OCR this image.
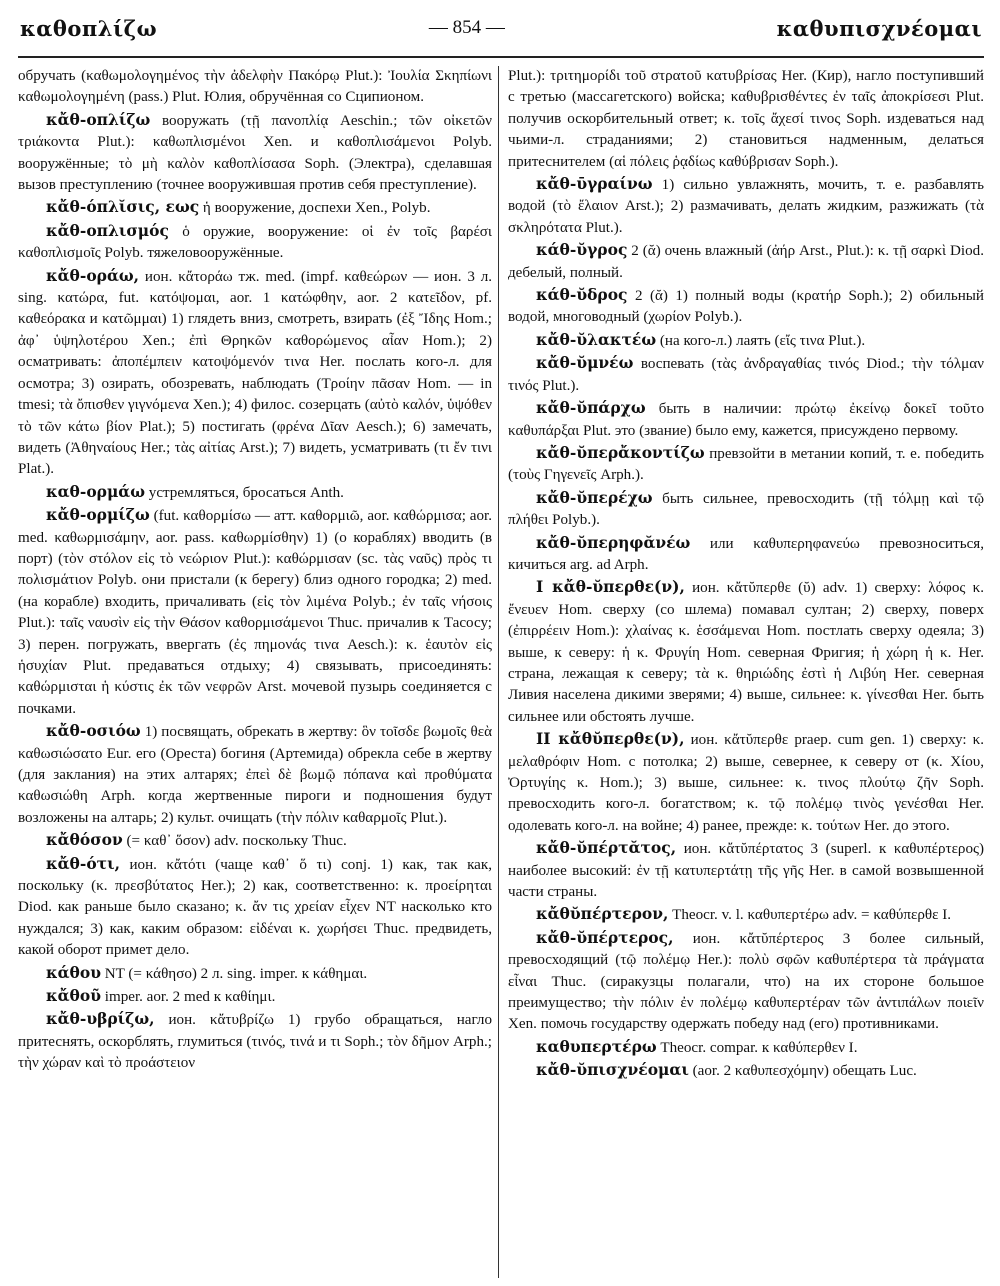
καθοπλίζω	— 854 —	καθυπισχνέομαι

обручать (καθωμολογημένος τὴν ἀδελφὴν Πακόρῳ Plut.): Ἰουλία Σκηπίωνι καθωμολογημένη (pass.) Plut. Юлия, обручённая со Сципионом.

κἄθ-οπλίζω вооружать (τῇ πανοπλίᾳ Aeschin.; τῶν οἰκετῶν τριάκοντα Plut.): καθωπλισμένοι Xen. и καθοπλισάμενοι Polyb. вооружённые; τὸ μὴ καλὸν καθοπλίσασα Soph. (Электра), сделавшая вызов преступлению (точнее вооружившая против себя преступление).

κἄθ-όπλῐσις, εως ἡ вооружение, доспехи Xen., Polyb.

κἄθ-οπλισμός ὁ оружие, вооружение: οἱ ἐν τοῖς βαρέσι καθοπλισμοῖς Polyb. тяжеловооружённые.

κἄθ-οράω, ион. κἄτοράω тж. med. (impf. καθεώρων — ион. 3 л. sing. κατώρα, fut. κατόψομαι, aor. 1 κατώφθην, aor. 2 κατεῖδον, pf. καθεόρακα и κατῶμμαι) 1) глядеть вниз, смотреть, взирать (ἐξ Ἴδης Hom.; ἀφ᾽ ὑψηλοτέρου Xen.; ἐπὶ Θρηκῶν καθορώμενος αἶαν Hom.); 2) осматривать: ἀποπέμπειν κατοψόμενόν τινα Her. послать кого-л. для осмотра; 3) озирать, обозревать, наблюдать (Τροίην πᾶσαν Hom. — in tmesi; τὰ ὄπισθεν γιγνόμενα Xen.); 4) филос. созерцать (αὐτὸ καλόν, ὑψόθεν τὸ τῶν κάτω βίον Plat.); 5) постигать (φρένα Δῖαν Aesch.); 6) замечать, видеть (Ἀθηναίους Her.; τὰς αἰτίας Arst.); 7) видеть, усматривать (τι ἔν τινι Plat.).

καθ-ορμάω устремляться, бросаться Anth.

κἄθ-ορμίζω (fut. καθορμίσω — атт. καθορμιῶ, aor. καθώρμισα; aor. med. καθωρμισάμην, aor. pass. καθωρμίσθην) 1) (о кораблях) вводить (в порт) (τὸν στόλον εἰς τὸ νεώριον Plut.): καθώρμισαν (sc. τὰς ναῦς) πρὸς τι πολισμάτιον Polyb. они пристали (к берегу) близ одного городка; 2) med. (на корабле) входить, причаливать (εἰς τὸν λιμένα Polyb.; ἐν ταῖς νήσοις Plut.): ταῖς ναυσὶν εἰς τὴν Θάσον καθορμισάμενοι Thuc. причалив к Тасосу; 3) перен. погружать, ввергать (ἐς πημονάς τινα Aesch.): κ. ἑαυτὸν εἰς ἡσυχίαν Plut. предаваться отдыху; 4) связывать, присоединять: καθώρμισται ἡ κύστις ἐκ τῶν νεφρῶν Arst. мочевой пузырь соединяется с почками.

κἄθ-οσιόω 1) посвящать, обрекать в жертву: ὃν τοῖσδε βωμοῖς θεὰ καθωσιώσατο Eur. его (Ореста) богиня (Артемида) обрекла себе в жертву (для заклания) на этих алтарях; ἐπεὶ δὲ βωμῷ πόπανα καὶ προθύματα καθωσιώθη Arph. когда жертвенные пироги и подношения будут возложены на алтарь; 2) культ. очищать (τὴν πόλιν καθαρμοῖς Plut.).

κἄθόσον (= καθ᾽ ὅσον) adv. поскольку Thuc.

κἄθ-ότι, ион. κἄτότι (чаще καθ᾽ ὅ τι) conj. 1) как, так как, поскольку (κ. πρεσβύτατος Her.); 2) как, соответственно: κ. προείρηται Diod. как раньше было сказано; κ. ἄν τις χρείαν εἶχεν NT насколько кто нуждался; 3) как, каким образом: εἰδέναι κ. χωρήσει Thuc. предвидеть, какой оборот примет дело.

κάθου NT (= κάθησο) 2 л. sing. imper. к κάθημαι.

κἄθοῦ imper. aor. 2 med к καθίημι.

κἄθ-υβρίζω, ион. κἄτυβρίζω 1) грубо обращаться, нагло притеснять, оскорблять, глумиться (τινός, τινά и τι Soph.; τὸν δῆμον Arph.; τὴν χώραν καὶ τὸ προάστειον

Plut.): τριτημορίδι τοῦ στρατοῦ κατυβρίσας Her. (Кир), нагло поступивший с третью (массагетского) войска; καθυβρισθέντες ἐν ταῖς ἀποκρίσεσι Plut. получив оскорбительный ответ; κ. τοῖς ἄχεσί τινος Soph. издеваться над чьими-л. страданиями; 2) становиться надменным, делаться притеснителем (αἱ πόλεις ῥᾳδίως καθύβρισαν Soph.).

κἄθ-ῡγραίνω 1) сильно увлажнять, мочить, т. е. разбавлять водой (τὸ ἔλαιον Arst.); 2) размачивать, делать жидким, разжижать (τὰ σκληρότατα Plut.).

κάθ-ῠγρος 2 (ᾰ) очень влажный (ἀήρ Arst., Plut.): κ. τῇ σαρκὶ Diod. дебелый, полный.

κάθ-ῠδρος 2 (ᾰ) 1) полный воды (κρατήρ Soph.); 2) обильный водой, многоводный (χωρίον Polyb.).

κἄθ-ῠλακτέω (на кого-л.) лаять (εἴς τινα Plut.).

κἄθ-ῠμνέω воспевать (τὰς ἀνδραγαθίας τινός Diod.; τὴν τόλμαν τινός Plut.).

κἄθ-ῠπάρχω быть в наличии: πρώτῳ ἐκείνῳ δοκεῖ τοῦτο καθυπάρξαι Plut. это (звание) было ему, кажется, присуждено первому.

κἄθ-ῠπερἄκοντίζω превзойти в метании копий, т. е. победить (τοὺς Γηγενεῖς Arph.).

κἄθ-ῠπερέχω быть сильнее, превосходить (τῇ τόλμῃ καὶ τῷ πλήθει Polyb.).

κἄθ-ῠπερηφᾰνέω или καθυπερηφανεύω превозноситься, кичиться arg. ad Arph.

I κἄθ-ῠπερθε(ν), ион. κἄτῠπερθε (ῠ) adv. 1) сверху: λόφος κ. ἔνευεν Hom. сверху (со шлема) помавал султан; 2) сверху, поверх (ἐπιρρέειν Hom.): χλαίνας κ. ἑσσάμεναι Hom. постлать сверху одеяла; 3) выше, к северу: ἡ κ. Φρυγίη Hom. северная Фригия; ἡ χώρη ἡ κ. Her. страна, лежащая к северу; τὰ κ. θηριώδης ἐστὶ ἡ Λιβύη Her. северная Ливия населена дикими зверями; 4) выше, сильнее: κ. γίνεσθαι Her. быть сильнее или обстоять лучше.

II κἄθῠπερθε(ν), ион. κἄτῠπερθε praep. cum gen. 1) сверху: κ. μελαθρόφιν Hom. с потолка; 2) выше, севернее, к северу от (κ. Χίου, Ὀρτυγίης κ. Hom.); 3) выше, сильнее: κ. τινος πλούτῳ ζῆν Soph. превосходить кого-л. богатством; κ. τῷ πολέμῳ τινὸς γενέσθαι Her. одолевать кого-л. на войне; 4) ранее, прежде: κ. τούτων Her. до этого.

κἄθ-ῠπέρτᾰτος, ион. κἄτῠπέρτατος 3 (superl. к καθυπέρτερος) наиболее высокий: ἐν τῇ κατυπερτάτῃ τῆς γῆς Her. в самой возвышенной части страны.

κἄθῠπέρτερον, Theocr. v. l. καθυπερτέρω adv. = καθύπερθε I.

κἄθ-ῠπέρτερος, ион. κἄτῠπέρτερος 3 более сильный, превосходящий (τῷ πολέμῳ Her.): πολὺ σφῶν καθυπέρτερα τὰ πράγματα εἶναι Thuc. (сиракузцы полагали, что) на их стороне большое преимущество; τὴν πόλιν ἐν πολέμῳ καθυπερτέραν τῶν ἀντιπάλων ποιεῖν Xen. помочь государству одержать победу над (его) противниками.

καθυπερτέρω Theocr. compar. к καθύπερθεν I.

κἄθ-ῠπισχνέομαι (aor. 2 καθυπεσχόμην) обещать Luc.
